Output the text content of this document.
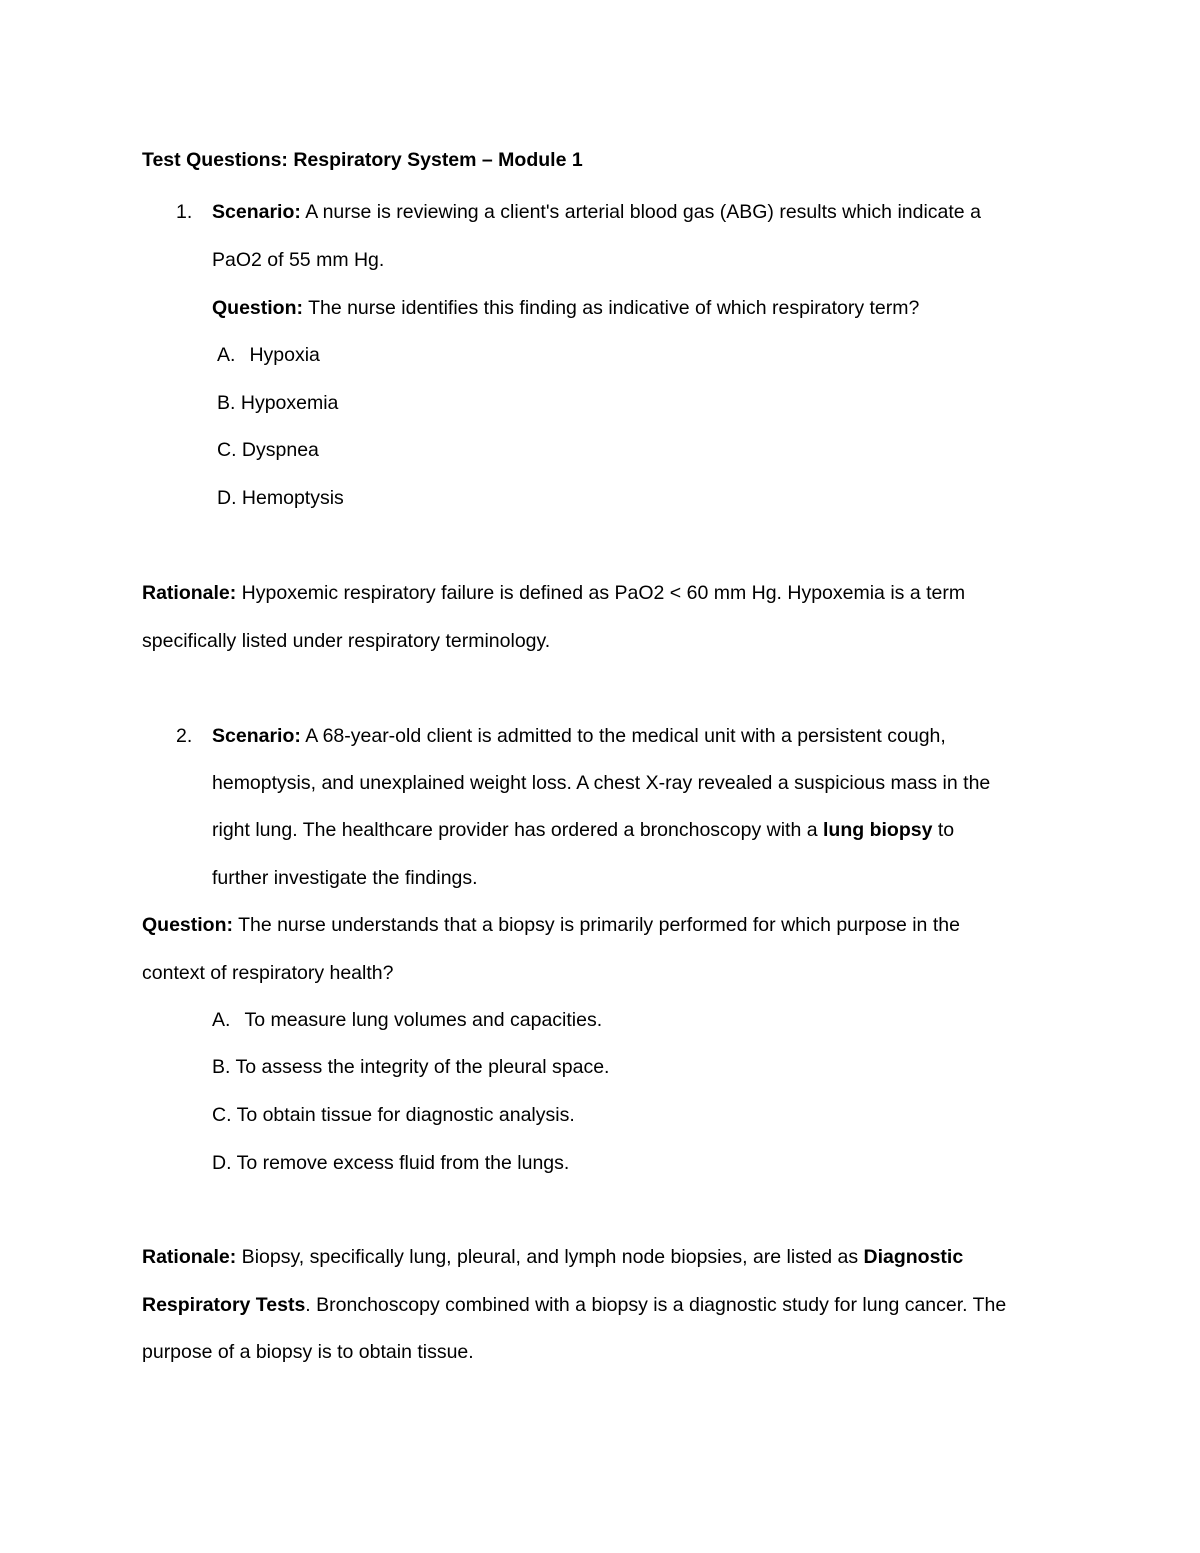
Test Questions: Respiratory System – Module 1
1. Scenario: A nurse is reviewing a client's arterial blood gas (ABG) results which indicate a
PaO2 of 55 mm Hg.
Question: The nurse identifies this finding as indicative of which respiratory term?
A. Hypoxia
B. Hypoxemia
C. Dyspnea
D. Hemoptysis
Rationale: Hypoxemic respiratory failure is defined as PaO2 < 60 mm Hg. Hypoxemia is a term
specifically listed under respiratory terminology.
2. Scenario: A 68-year-old client is admitted to the medical unit with a persistent cough,
hemoptysis, and unexplained weight loss. A chest X-ray revealed a suspicious mass in the
right lung. The healthcare provider has ordered a bronchoscopy with a lung biopsy to
further investigate the findings.
Question: The nurse understands that a biopsy is primarily performed for which purpose in the
context of respiratory health?
A. To measure lung volumes and capacities.
B. To assess the integrity of the pleural space.
C. To obtain tissue for diagnostic analysis.
D. To remove excess fluid from the lungs.
Rationale: Biopsy, specifically lung, pleural, and lymph node biopsies, are listed as Diagnostic
Respiratory Tests. Bronchoscopy combined with a biopsy is a diagnostic study for lung cancer. The
purpose of a biopsy is to obtain tissue.
